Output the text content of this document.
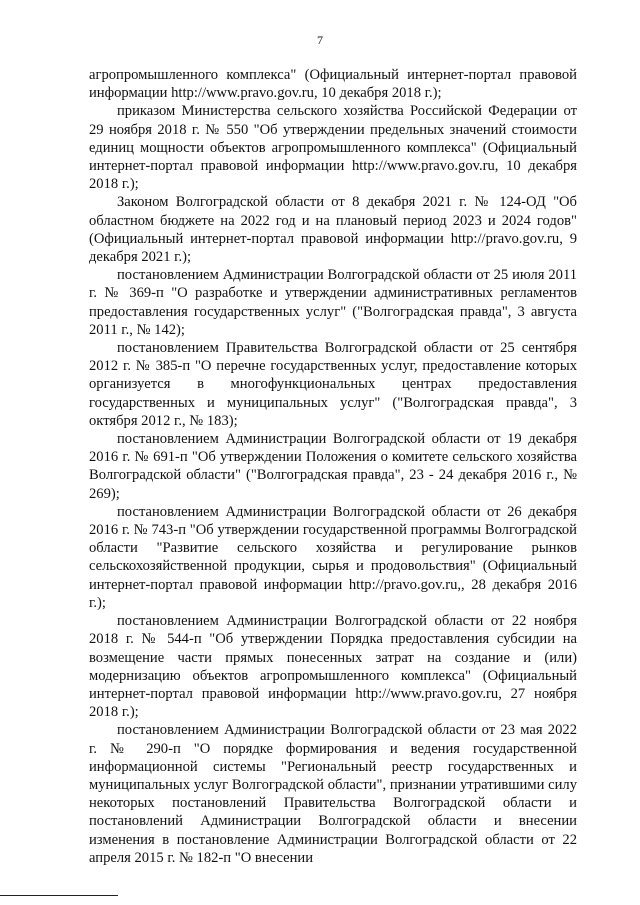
7

агропромышленного комплекса" (Официальный интернет-портал правовой информации http://www.pravo.gov.ru, 10 декабря 2018 г.);

приказом Министерства сельского хозяйства Российской Федерации от 29 ноября 2018 г. № 550 "Об утверждении предельных значений стоимости единиц мощности объектов агропромышленного комплекса" (Официальный интернет-портал правовой информации http://www.pravo.gov.ru, 10 декабря 2018 г.);

Законом Волгоградской области от 8 декабря 2021 г. № 124-ОД "Об областном бюджете на 2022 год и на плановый период 2023 и 2024 годов" (Официальный интернет-портал правовой информации http://pravo.gov.ru, 9 декабря 2021 г.);

постановлением Администрации Волгоградской области от 25 июля 2011 г. № 369-п "О разработке и утверждении административных регламентов предоставления государственных услуг" ("Волгоградская правда", 3 августа 2011 г., № 142);

постановлением Правительства Волгоградской области от 25 сентября 2012 г. № 385-п "О перечне государственных услуг, предоставление которых организуется в многофункциональных центрах предоставления государственных и муниципальных услуг" ("Волгоградская правда", 3 октября 2012 г., № 183);

постановлением Администрации Волгоградской области от 19 декабря 2016 г. № 691-п "Об утверждении Положения о комитете сельского хозяйства Волгоградской области" ("Волгоградская правда", 23 - 24 декабря 2016 г., № 269);

постановлением Администрации Волгоградской области от 26 декабря 2016 г. № 743-п "Об утверждении государственной программы Волгоградской области "Развитие сельского хозяйства и регулирование рынков сельскохозяйственной продукции, сырья и продовольствия" (Официальный интернет-портал правовой информации http://pravo.gov.ru,, 28 декабря 2016 г.);

постановлением Администрации Волгоградской области от 22 ноября 2018 г. № 544-п "Об утверждении Порядка предоставления субсидии на возмещение части прямых понесенных затрат на создание и (или) модернизацию объектов агропромышленного комплекса" (Официальный интернет-портал правовой информации http://www.pravo.gov.ru, 27 ноября 2018 г.);

постановлением Администрации Волгоградской области от 23 мая 2022 г. № 290-п "О порядке формирования и ведения государственной информационной системы "Региональный реестр государственных и муниципальных услуг Волгоградской области", признании утратившими силу некоторых постановлений Правительства Волгоградской области и постановлений Администрации Волгоградской области и внесении изменения в постановление Администрации Волгоградской области от 22 апреля 2015 г. № 182-п "О внесении
